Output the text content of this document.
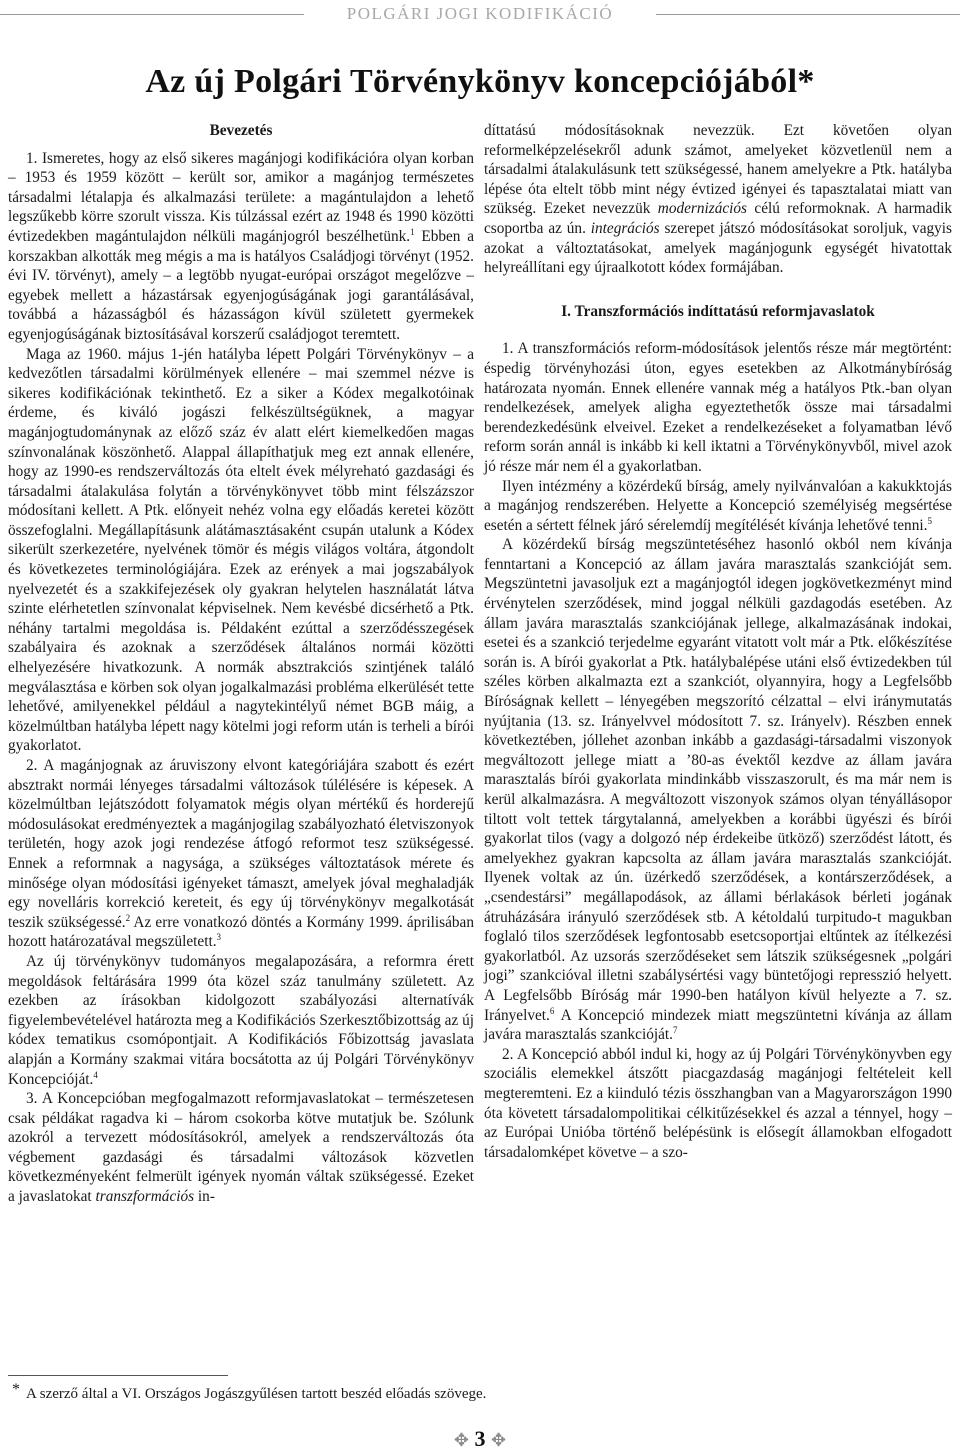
POLGÁRI JOGI KODIFIKÁCIÓ
Az új Polgári Törvénykönyv koncepciójából*
Bevezetés

1. Ismeretes, hogy az első sikeres magánjogi kodifikációra olyan korban – 1953 és 1959 között – került sor, amikor a magánjog természetes társadalmi létalapja és alkalmazási területe: a magántulajdon a lehető legszűkebb körre szorult vissza. Kis túlzással ezért az 1948 és 1990 közötti évtizedekben magántulajdon nélküli magánjogról beszélhetünk.$^1$ Ebben a korszakban alkották meg mégis a ma is hatályos Családjogi törvényt (1952. évi IV. törvényt), amely – a legtöbb nyugat-európai országot megelőzve – egyebek mellett a házastársak egyenjogúságának jogi garantálásával, továbbá a házasságból és házasságon kívül született gyermekek egyenjogúságának biztosításával korszerű családjogot teremtett.

Maga az 1960. május 1-jén hatályba lépett Polgári Törvénykönyv – a kedvezőtlen társadalmi körülmények ellenére – mai szemmel nézve is sikeres kodifikációnak tekinthető. Ez a siker a Kódex megalkotóinak érdeme, és kiváló jogászi felkészültségüknek, a magyar magánjogtudománynak az előző száz év alatt elért kiemelkedően magas színvonalának köszönhető. Alappal állapíthatjuk meg ezt annak ellenére, hogy az 1990-es rendszerváltozás óta eltelt évek mélyreható gazdasági és társadalmi átalakulása folytán a törvénykönyvet több mint félszázszor módosítani kellett. A Ptk. előnyeit nehéz volna egy előadás keretei között összefoglalni. Megállapításunk alátámasztásaként csupán utalunk a Kódex sikerült szerkezetére, nyelvének tömör és mégis világos voltára, átgondolt és következetes terminológiájára. Ezek az erények a mai jogszabályok nyelvezetét és a szakkifejezések oly gyakran helytelen használatát látva szinte elérhetetlen színvonalat képviselnek. Nem kevésbé dicsérhető a Ptk. néhány tartalmi megoldása is. Példaként ezúttal a szerződésszegések szabályaira és azoknak a szerződések általános normái közötti elhelyezésére hivatkozunk. A normák absztrakciós szintjének találó megválasztása e körben sok olyan jogalkalmazási probléma elkerülését tette lehetővé, amilyenekkel például a nagytekintélyű német BGB máig, a közelmúltban hatályba lépett nagy kötelmi jogi reform után is terheli a bírói gyakorlatot.

2. A magánjognak az áruviszony elvont kategóriájára szabott és ezért absztrakt normái lényeges társadalmi változások túlélésére is képesek. A közelmúltban lejátszódott folyamatok mégis olyan mértékű és horderejű módosulásokat eredményeztek a magánjogilag szabályozható életviszonyok területén, hogy azok jogi rendezése átfogó reformot tesz szükségessé. Ennek a reformnak a nagysága, a szükséges változtatások mérete és minősége olyan módosítási igényeket támaszt, amelyek jóval meghaladják egy novelláris korrekció kereteit, és egy új törvénykönyv megalkotását teszik szükségessé.$^2$ Az erre vonatkozó döntés a Kormány 1999. áprilisában hozott határozatával megszületett.$^3$

Az új törvénykönyv tudományos megalapozására, a reformra érett megoldások feltárására 1999 óta közel száz tanulmány született. Az ezekben az írásokban kidolgozott szabályozási alternatívák figyelembevételével határozta meg a Kodifikációs Szerkesztőbizottság az új kódex tematikus csomópontjait. A Kodifikációs Főbizottság javaslata alapján a Kormány szakmai vitára bocsátotta az új Polgári Törvénykönyv Koncepcióját.$^4$

3. A Koncepcióban megfogalmazott reformjavaslatokat – természetesen csak példákat ragadva ki – három csokorba kötve mutatjuk be. Szólunk azokról a tervezett módosításokról, amelyek a rendszerváltozás óta végbement gazdasági és társadalmi változások közvetlen következményeként felmerült igények nyomán váltak szükségessé. Ezeket a javaslatokat transzformációs in-

díttatású módosításoknak nevezzük. Ezt követően olyan reformelképzelésekről adunk számot, amelyeket közvetlenül nem a társadalmi átalakulásunk tett szükségessé, hanem amelyekre a Ptk. hatályba lépése óta eltelt több mint négy évtized igényei és tapasztalatai miatt van szükség. Ezeket nevezzük modernizációs célú reformoknak. A harmadik csoportba az ún. integrációs szerepet játszó módosításokat soroljuk, vagyis azokat a változtatásokat, amelyek magánjogunk egységét hivatottak helyreállítani egy újraalkotott kódex formájában.

I. Transzformációs indíttatású reformjavaslatok

1. A transzformációs reform-módosítások jelentős része már megtörtént: éspedig törvényhozási úton, egyes esetekben az Alkotmánybíróság határozata nyomán. Ennek ellenére vannak még a hatályos Ptk.-ban olyan rendelkezések, amelyek aligha egyeztethetők össze mai társadalmi berendezkedésünk elveivel. Ezeket a rendelkezéseket a folyamatban lévő reform során annál is inkább ki kell iktatni a Törvénykönyvből, mivel azok jó része már nem él a gyakorlatban.

Ilyen intézmény a közérdekű bírság, amely nyilvánvalóan a kakukktojás a magánjog rendszerében. Helyette a Koncepció személyiség megsértése esetén a sértett félnek járó sérelemdíj megítélését kívánja lehetővé tenni.$^5$

A közérdekű bírság megszüntetéséhez hasonló okból nem kívánja fenntartani a Koncepció az állam javára marasztalás szankcióját sem. Megszüntetni javasoljuk ezt a magánjogtól idegen jogkövetkezményt mind érvénytelen szerződések, mind joggal nélküli gazdagodás esetében. Az állam javára marasztalás szankciójának jellege, alkalmazásának indokai, esetei és a szankció terjedelme egyaránt vitatott volt már a Ptk. előkészítése során is. A bírói gyakorlat a Ptk. hatálybalépése utáni első évtizedekben túl széles körben alkalmazta ezt a szankciót, olyannyira, hogy a Legfelsőbb Bíróságnak kellett – lényegében megszorító célzattal – elvi iránymutatás nyújtania (13. sz. Irányelvvel módosított 7. sz. Irányelv). Részben ennek következtében, jóllehet azonban inkább a gazdasági-társadalmi viszonyok megváltozott jellege miatt a ’80-as évektől kezdve az állam javára marasztalás bírói gyakorlata mindinkább visszaszorult, és ma már nem is kerül alkalmazásra. A megváltozott viszonyok számos olyan tényállásopor tiltott volt tettek tárgytalanná, amelyekben a korábbi ügyészi és bírói gyakorlat tilos (vagy a dolgozó nép érdekeibe ütköző) szerződést látott, és amelyekhez gyakran kapcsolta az állam javára marasztalás szankcióját. Ilyenek voltak az ún. üzérkedő szerződések, a kontárszerződések, a „csendestársi” megállapodások, az állami bérlakások bérleti jogának átruházására irányuló szerződések stb. A kétoldalú turpitudo-t magukban foglaló tilos szerződések legfontosabb esetcsoportjai eltűntek az ítélkezési gyakorlatból. Az uzsorás szerződéseket sem látszik szükségesnek „polgári jogi” szankcióval illetni szabálysértési vagy büntetőjogi represszió helyett. A Legfelsőbb Bíróság már 1990-ben hatályon kívül helyezte a 7. sz. Irányelvet.$^6$ A Koncepció mindezek miatt megszüntetni kívánja az állam javára marasztalás szankcióját.$^7$

2. A Koncepció abból indul ki, hogy az új Polgári Törvénykönyvben egy szociális elemekkel átszőtt piacgazdaság magánjogi feltételeit kell megteremteni. Ez a kiinduló tézis összhangban van a Magyarországon 1990 óta követett társadalompolitikai célkitűzésekkel és azzal a ténnyel, hogy – az Európai Unióba történő belépésünk is elősegít államokban elfogadott társadalomképet követve – a szo-

* A szerző által a VI. Országos Jogászgyűlésen tartott beszéd előadás szövege.
✥ 3 ✥
